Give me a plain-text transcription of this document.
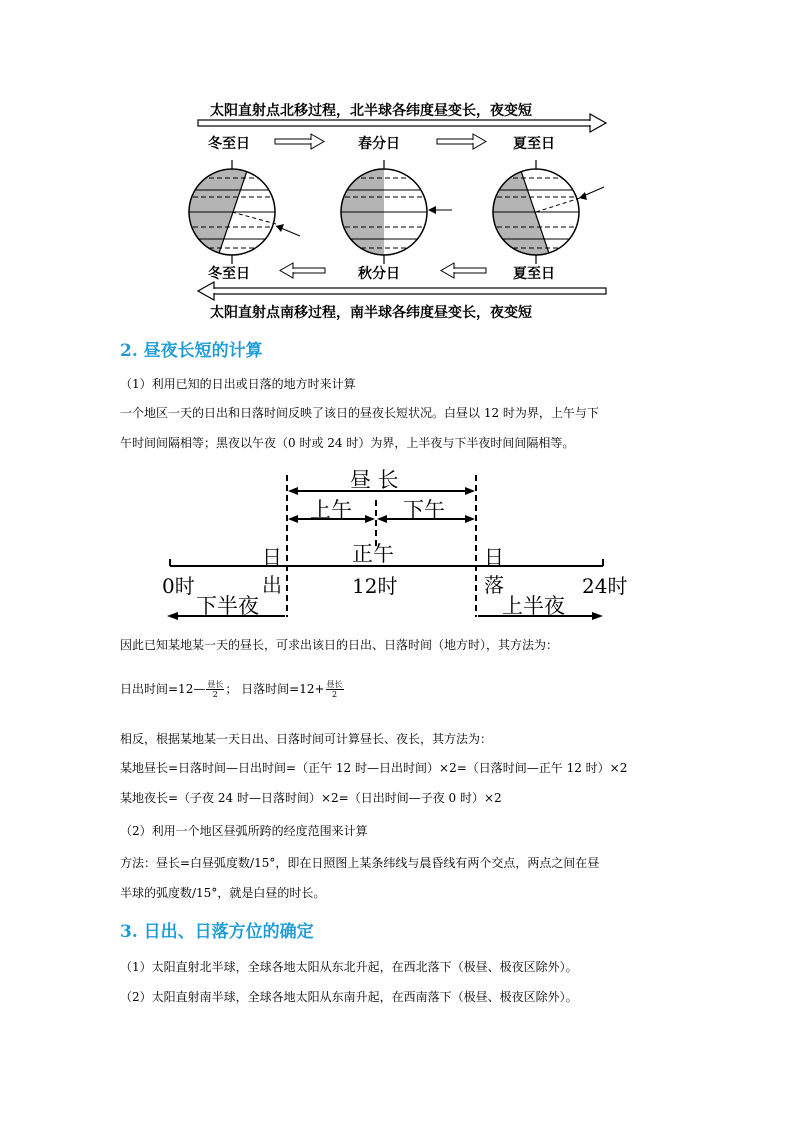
太阳直射点北移过程，北半球各纬度昼变长，夜变短
冬至日	春分日	夏至日
冬至日	秋分日	夏至日
太阳直射点南移过程，南半球各纬度昼变长，夜变短
2. 昼夜长短的计算
（1）利用已知的日出或日落的地方时来计算
一个地区一天的日出和日落时间反映了该日的昼夜长短状况。白昼以 12 时为界，上午与下
午时间间隔相等；黑夜以午夜（0 时或 24 时）为界，上半夜与下半夜时间间隔相等。
昼 长
上午 下午
正午
日
出
日
落
0时	12时	24时
下半夜	上半夜
因此已知某地某一天的昼长，可求出该日的日出、日落时间（地方时），其方法为：
日出时间=12— $\frac{\text{昼长}}{2}$ ； 日落时间$=12+ \frac{\text{昼长}}{2}$
相反，根据某地某一天日出、日落时间可计算昼长、夜长，其方法为：
某地昼长=日落时间—日出时间=（正午 12 时—日出时间）×2=（日落时间—正午 12 时）×2
某地夜长=（子夜 24 时—日落时间）×2=（日出时间—子夜 0 时）×2
（2）利用一个地区昼弧所跨的经度范围来计算
方法：昼长=白昼弧度数/15°，即在日照图上某条纬线与晨昏线有两个交点，两点之间在昼
半球的弧度数/15°，就是白昼的时长。
3. 日出、日落方位的确定
（1）太阳直射北半球，全球各地太阳从东北升起，在西北落下（极昼、极夜区除外）。
（2）太阳直射南半球，全球各地太阳从东南升起，在西南落下（极昼、极夜区除外）。
